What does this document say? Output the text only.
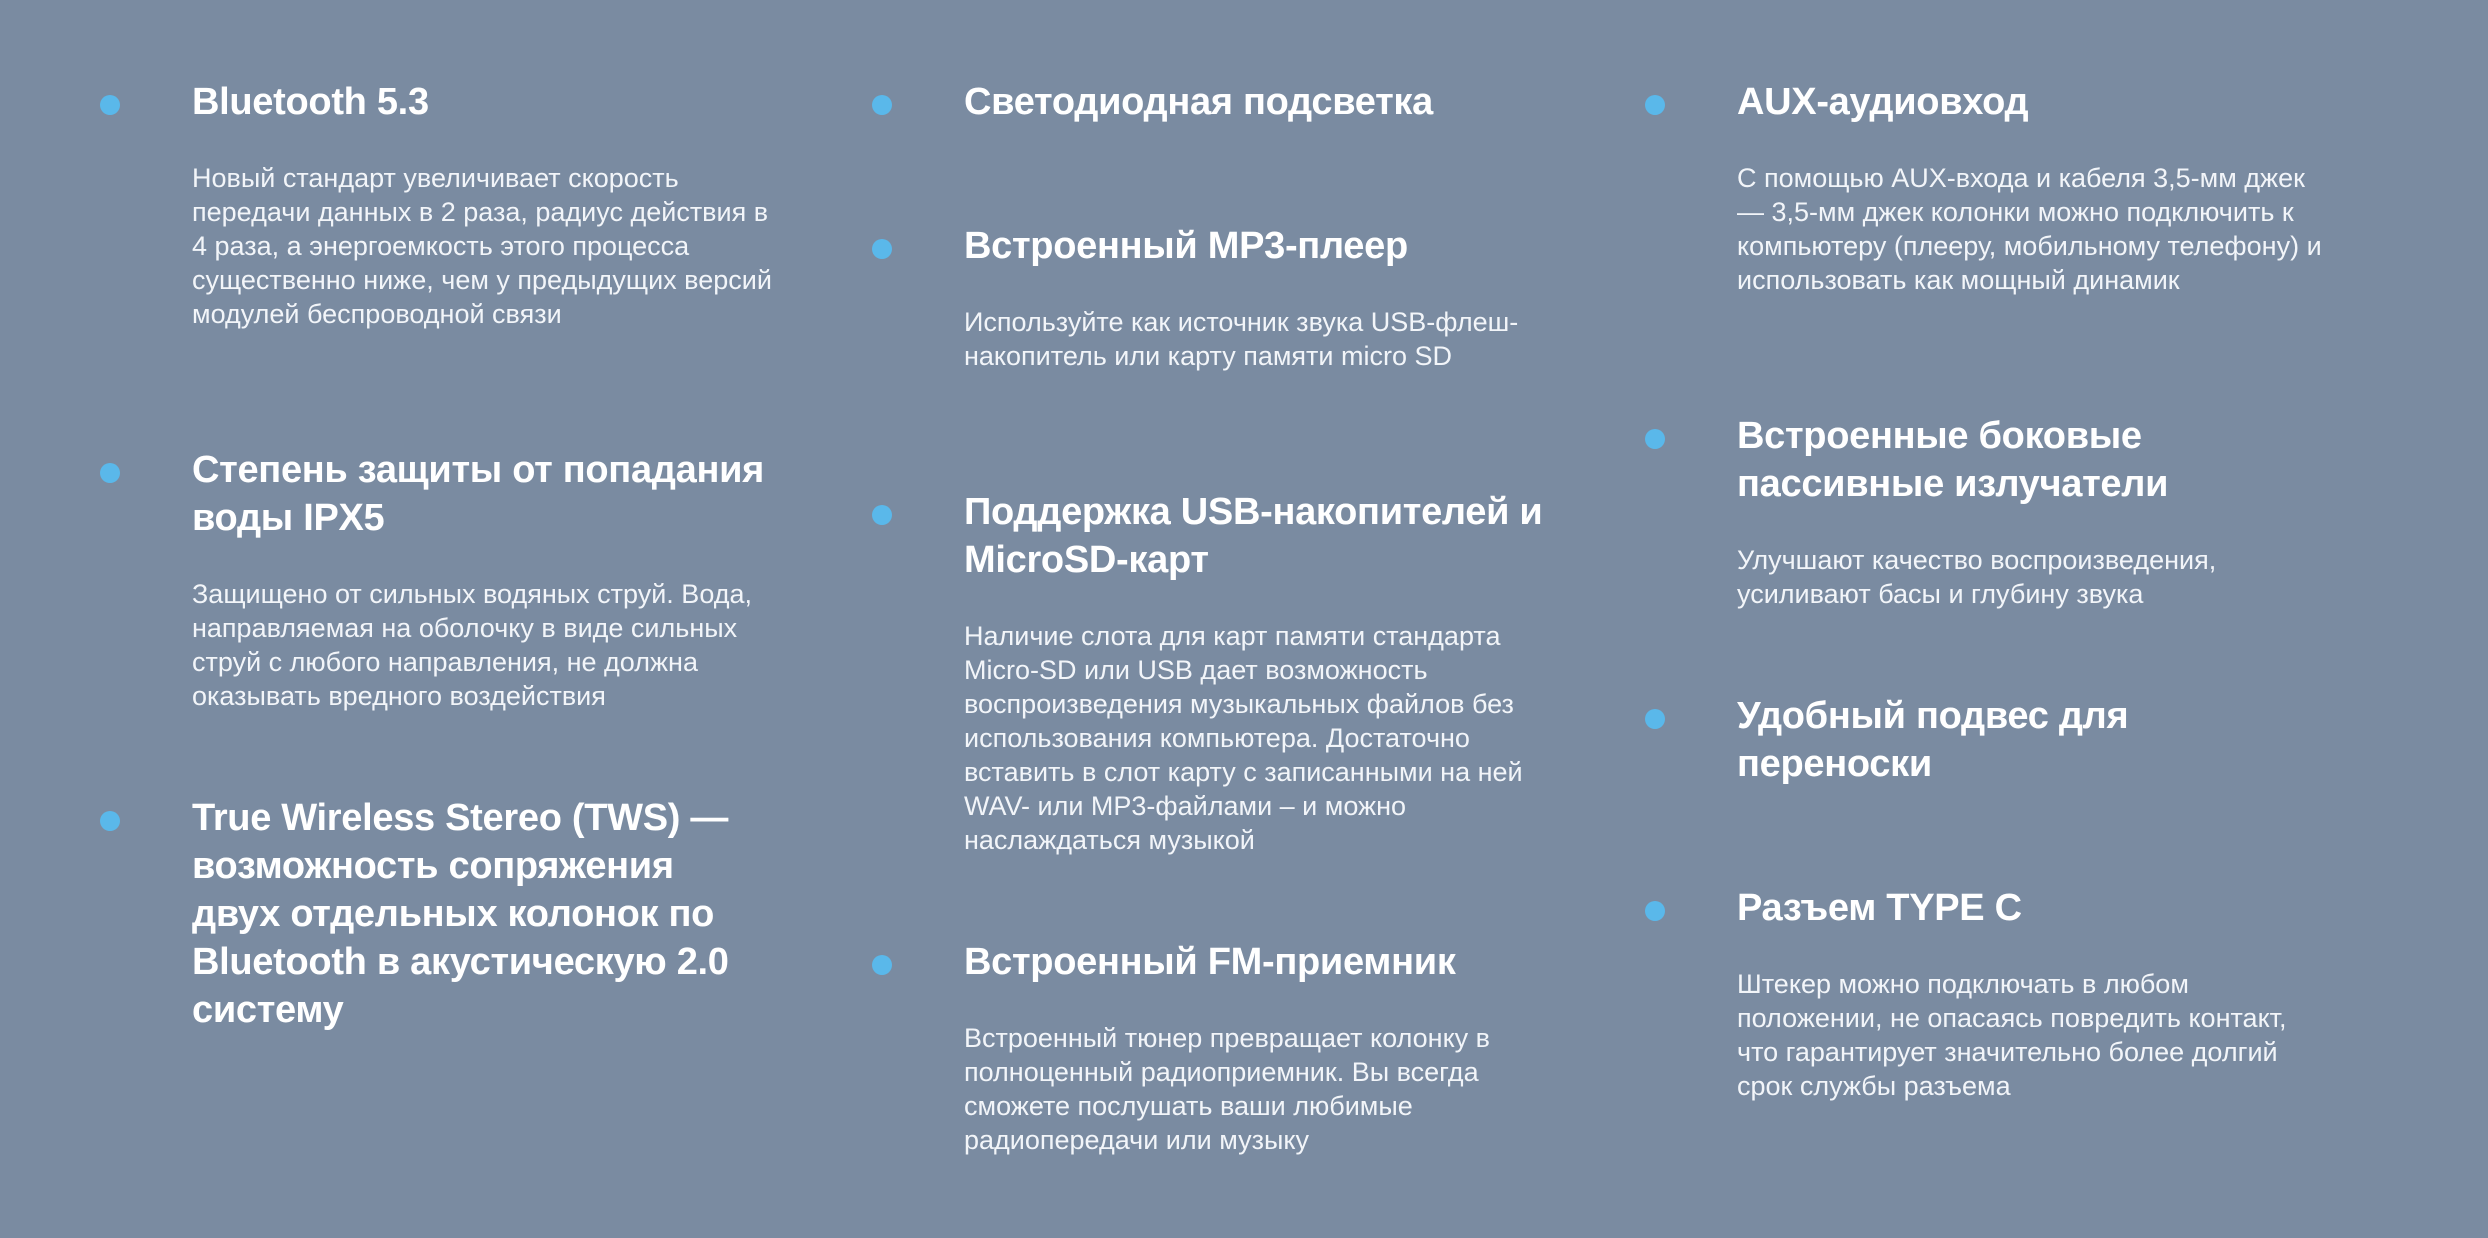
Bluetooth 5.3

Новый стандарт увеличивает скорость передачи данных в 2 раза, радиус действия в 4 раза, а энергоемкость этого процесса существенно ниже, чем у предыдущих версий модулей беспроводной связи

Степень защиты от попадания воды IPX5

Защищено от сильных водяных струй. Вода, направляемая на оболочку в виде сильных струй с любого направления, не должна оказывать вредного воздействия

True Wireless Stereo (TWS) — возможность сопряжения двух отдельных колонок по Bluetooth в акустическую 2.0 систему
Светодиодная подсветка
Встроенный MP3-плеер

Используйте как источник звука USB-флеш-накопитель или карту памяти micro SD

Поддержка USB-накопителей и MicroSD-карт

Наличие слота для карт памяти стандарта Micro-SD или USB дает возможность воспроизведения музыкальных файлов без использования компьютера. Достаточно вставить в слот карту с записанными на ней WAV- или MP3-файлами – и можно наслаждаться музыкой

Встроенный FM-приемник

Встроенный тюнер превращает колонку в полноценный радиоприемник. Вы всегда сможете послушать ваши любимые радиопередачи или музыку

AUX-аудиовход

С помощью AUX-входа и кабеля 3,5-мм джек — 3,5-мм джек колонки можно подключить к компьютеру (плееру, мобильному телефону) и использовать как мощный динамик

Встроенные боковые пассивные излучатели

Улучшают качество воспроизведения, усиливают басы и глубину звука

Удобный подвес для переноски
Разъем TYPE C

Штекер можно подключать в любом положении, не опасаясь повредить контакт, что гарантирует значительно более долгий срок службы разъема
